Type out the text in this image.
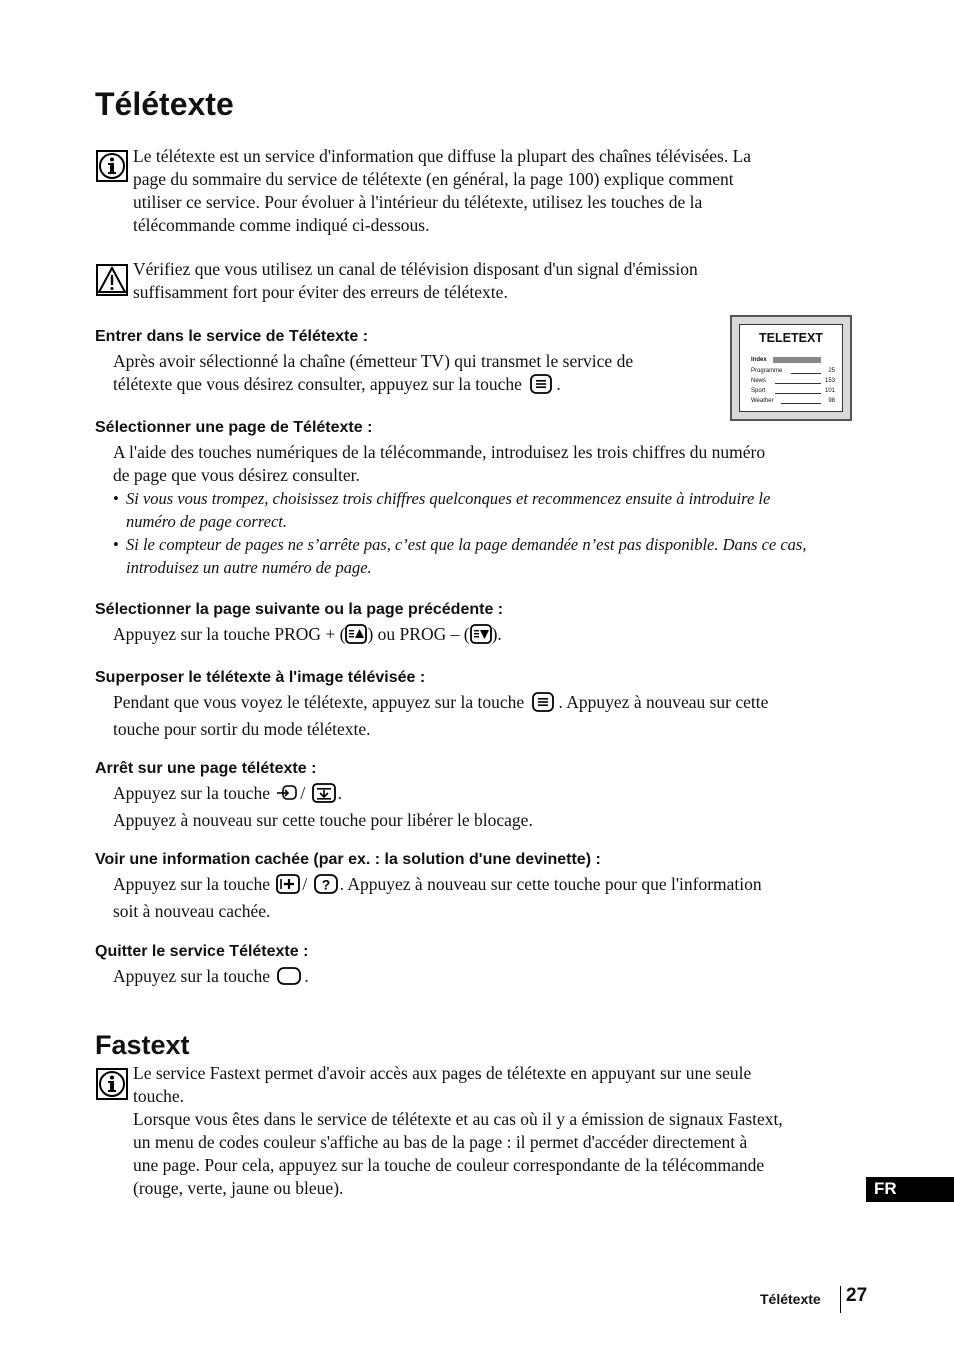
Télétexte
Le télétexte est un service d'information que diffuse la plupart des chaînes télévisées. La
page du sommaire du service de télétexte (en général, la page 100) explique comment
utiliser ce service. Pour évoluer à l'intérieur du télétexte, utilisez les touches de la
télécommande comme indiqué ci-dessous.
Vérifiez que vous utilisez un canal de télévision disposant d'un signal d'émission
suffisamment fort pour éviter des erreurs de télétexte.
TELETEXT
Index
Programme	25
News	153
Sport	101
Weather	98
Entrer dans le service de Télétexte :
Après avoir sélectionné la chaîne (émetteur TV) qui transmet le service de
télétexte que vous désirez consulter, appuyez sur la touche .
Sélectionner une page de Télétexte :
A l'aide des touches numériques de la télécommande, introduisez les trois chiffres du numéro
de page que vous désirez consulter.
• Si vous vous trompez, choisissez trois chiffres quelconques et recommencez ensuite à introduire le
numéro de page correct.
• Si le compteur de pages ne s’arrête pas, c’est que la page demandée n’est pas disponible. Dans ce cas,
introduisez un autre numéro de page.
Sélectionner la page suivante ou la page précédente :
Appuyez sur la touche PROG + ( ) ou PROG – ( ).
Superposer le télétexte à l'image télévisée :
Pendant que vous voyez le télétexte, appuyez sur la touche . Appuyez à nouveau sur cette
touche pour sortir du mode télétexte.
Arrêt sur une page télétexte :
Appuyez sur la touche / .
Appuyez à nouveau sur cette touche pour libérer le blocage.
Voir une information cachée (par ex. : la solution d'une devinette) :
Appuyez sur la touche / ? . Appuyez à nouveau sur cette touche pour que l'information
soit à nouveau cachée.
Quitter le service Télétexte :
Appuyez sur la touche .
Fastext
Le service Fastext permet d'avoir accès aux pages de télétexte en appuyant sur une seule
touche.
Lorsque vous êtes dans le service de télétexte et au cas où il y a émission de signaux Fastext,
un menu de codes couleur s'affiche au bas de la page : il permet d'accéder directement à
une page. Pour cela, appuyez sur la touche de couleur correspondante de la télécommande
(rouge, verte, jaune ou bleue).	FR
Télétexte 27
